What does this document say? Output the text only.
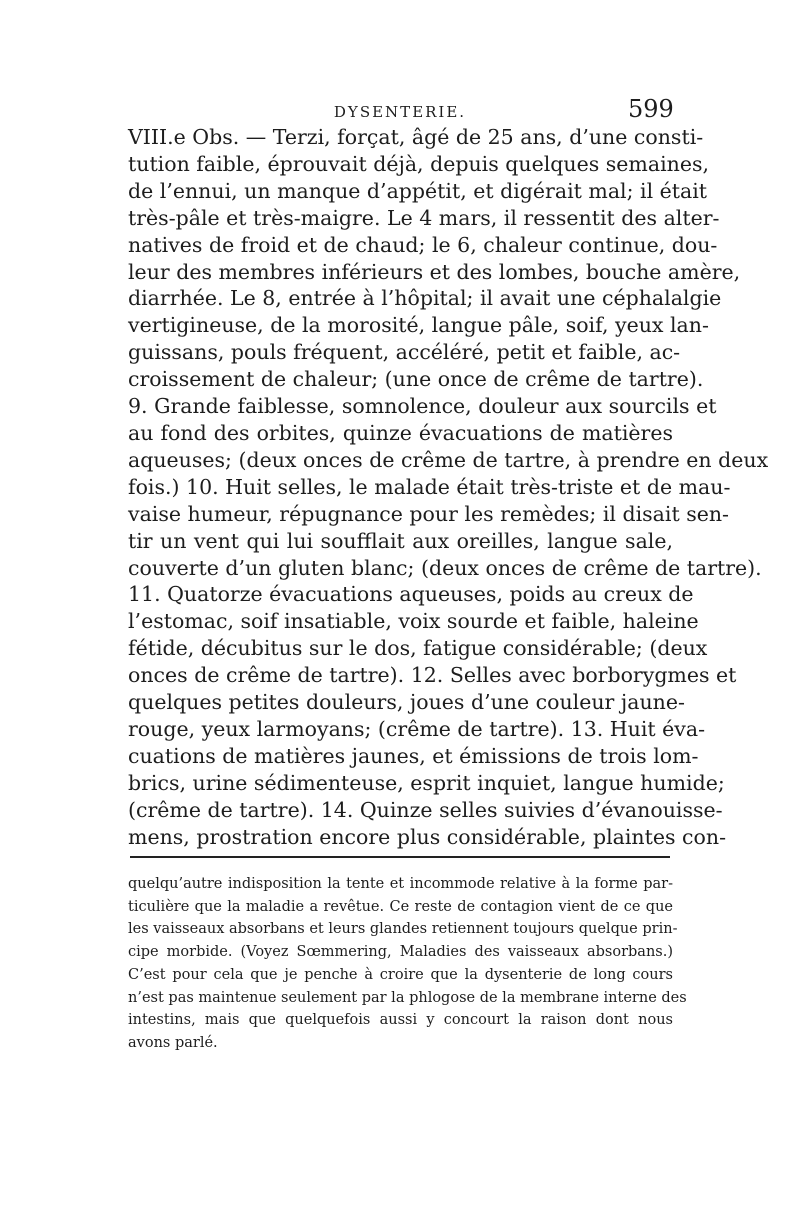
DYSENTERIE.	599
VIII.e Obs. — Terzi, forçat, âgé de 25 ans, d’une consti-
tution faible, éprouvait déjà, depuis quelques semaines,
de l’ennui, un manque d’appétit, et digérait mal; il était
très-pâle et très-maigre. Le 4 mars, il ressentit des alter-
natives de froid et de chaud; le 6, chaleur continue, dou-
leur des membres inférieurs et des lombes, bouche amère,
diarrhée. Le 8, entrée à l’hôpital; il avait une céphalalgie
vertigineuse, de la morosité, langue pâle, soif, yeux lan-
guissans, pouls fréquent, accéléré, petit et faible, ac-
croissement de chaleur; (une once de crême de tartre).
9. Grande faiblesse, somnolence, douleur aux sourcils et
au fond des orbites, quinze évacuations de matières
aqueuses; (deux onces de crême de tartre, à prendre en deux
fois.) 10. Huit selles, le malade était très-triste et de mau-
vaise humeur, répugnance pour les remèdes; il disait sen-
tir un vent qui lui soufflait aux oreilles, langue sale,
couverte d’un gluten blanc; (deux onces de crême de tartre).
11. Quatorze évacuations aqueuses, poids au creux de
l’estomac, soif insatiable, voix sourde et faible, haleine
fétide, décubitus sur le dos, fatigue considérable; (deux
onces de crême de tartre). 12. Selles avec borborygmes et
quelques petites douleurs, joues d’une couleur jaune-
rouge, yeux larmoyans; (crême de tartre). 13. Huit éva-
cuations de matières jaunes, et émissions de trois lom-
brics, urine sédimenteuse, esprit inquiet, langue humide;
(crême de tartre). 14. Quinze selles suivies d’évanouisse-
mens, prostration encore plus considérable, plaintes con-
quelqu’autre indisposition la tente et incommode relative à la forme par-
ticulière que la maladie a revêtue. Ce reste de contagion vient de ce que
les vaisseaux absorbans et leurs glandes retiennent toujours quelque prin-
cipe morbide. (Voyez Sœmmering, Maladies des vaisseaux absorbans.)
C’est pour cela que je penche à croire que la dysenterie de long cours
n’est pas maintenue seulement par la phlogose de la membrane interne des
intestins, mais que quelquefois aussi y concourt la raison dont nous
avons parlé.
